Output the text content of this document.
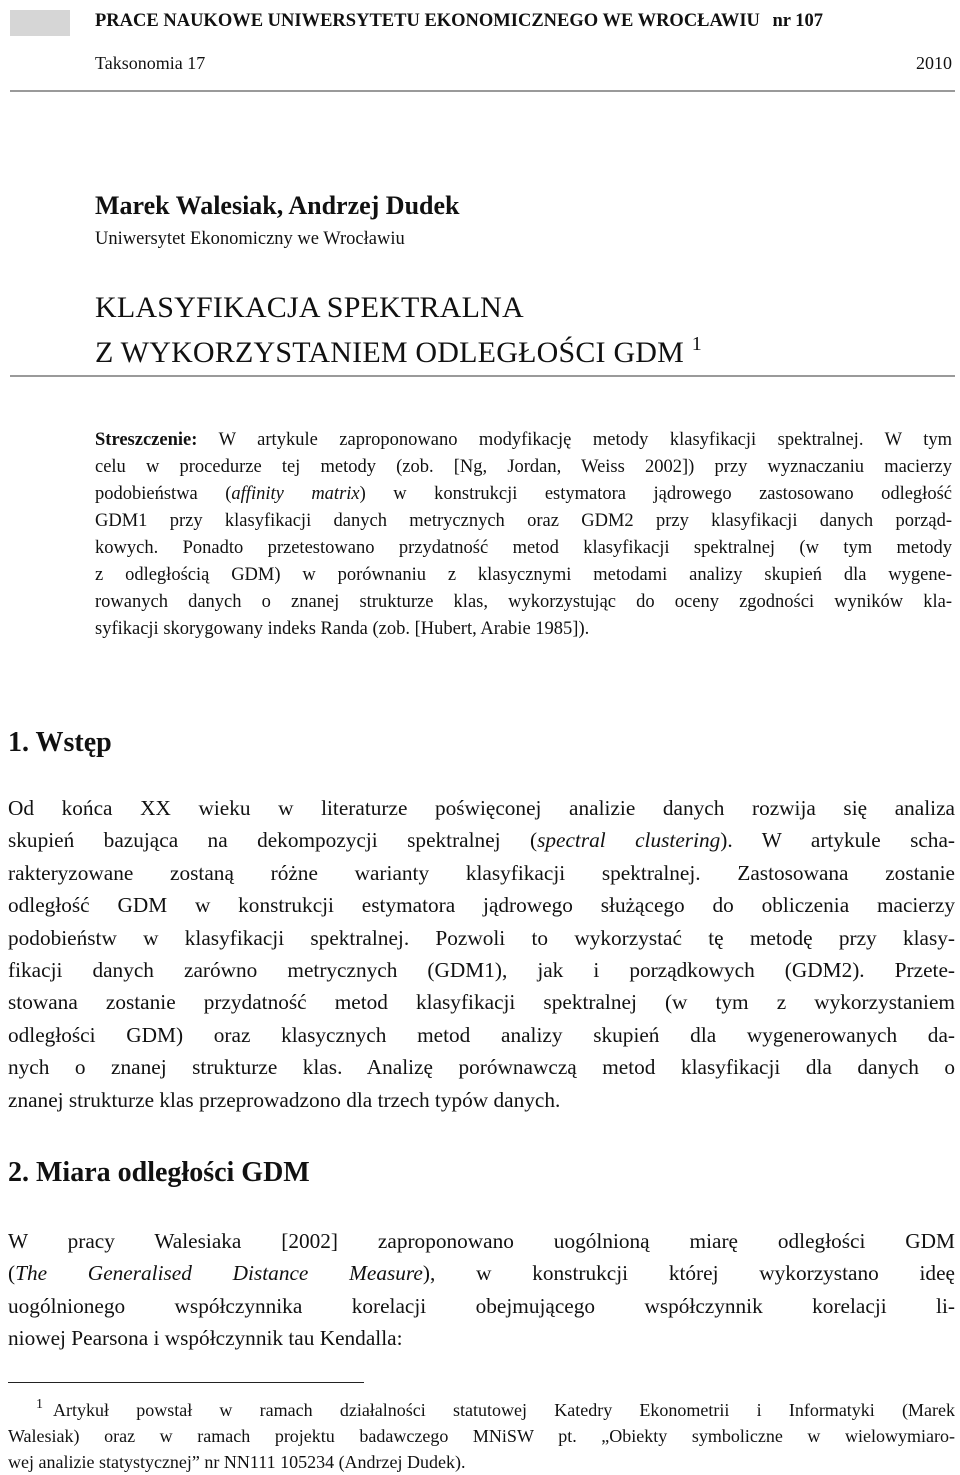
PRACE NAUKOWE UNIWERSYTETU EKONOMICZNEGO WE WROCŁAWIU nr 107
Taksonomia 17	2010
Marek Walesiak, Andrzej Dudek
Uniwersytet Ekonomiczny we Wrocławiu
KLASYFIKACJA SPEKTRALNA
Z WYKORZYSTANIEM ODLEGŁOŚCI GDM $^1$
Streszczenie: W artykule zaproponowano modyfikację metody klasyfikacji spektralnej. W tym
celu w procedurze tej metody (zob. [Ng, Jordan, Weiss 2002]) przy wyznaczaniu macierzy
podobieństwa (affinity matrix) w konstrukcji estymatora jądrowego zastosowano odległość
GDM1 przy klasyfikacji danych metrycznych oraz GDM2 przy klasyfikacji danych porząd-
kowych. Ponadto przetestowano przydatność metod klasyfikacji spektralnej (w tym metody
z odległością GDM) w porównaniu z klasycznymi metodami analizy skupień dla wygene-
rowanych danych o znanej strukturze klas, wykorzystując do oceny zgodności wyników kla-
syfikacji skorygowany indeks Randa (zob. [Hubert, Arabie 1985]).
1. Wstęp
Od końca XX wieku w literaturze poświęconej analizie danych rozwija się analiza
skupień bazująca na dekompozycji spektralnej (spectral clustering). W artykule scha-
rakteryzowane zostaną różne warianty klasyfikacji spektralnej. Zastosowana zostanie
odległość GDM w konstrukcji estymatora jądrowego służącego do obliczenia macierzy
podobieństw w klasyfikacji spektralnej. Pozwoli to wykorzystać tę metodę przy klasy-
fikacji danych zarówno metrycznych (GDM1), jak i porządkowych (GDM2). Przete-
stowana zostanie przydatność metod klasyfikacji spektralnej (w tym z wykorzystaniem
odległości GDM) oraz klasycznych metod analizy skupień dla wygenerowanych da-
nych o znanej strukturze klas. Analizę porównawczą metod klasyfikacji dla danych o
znanej strukturze klas przeprowadzono dla trzech typów danych.
2. Miara odległości GDM
W pracy Walesiaka [2002] zaproponowano uogólnioną miarę odległości GDM
(The Generalised Distance Measure), w konstrukcji której wykorzystano ideę
uogólnionego współczynnika korelacji obejmującego współczynnik korelacji li-
niowej Pearsona i współczynnik tau Kendalla:
$^1$ Artykuł powstał w ramach działalności statutowej Katedry Ekonometrii i Informatyki (Marek
Walesiak) oraz w ramach projektu badawczego MNiSW pt. „Obiekty symboliczne w wielowymiaro-
wej analizie statystycznej” nr NN111 105234 (Andrzej Dudek).
